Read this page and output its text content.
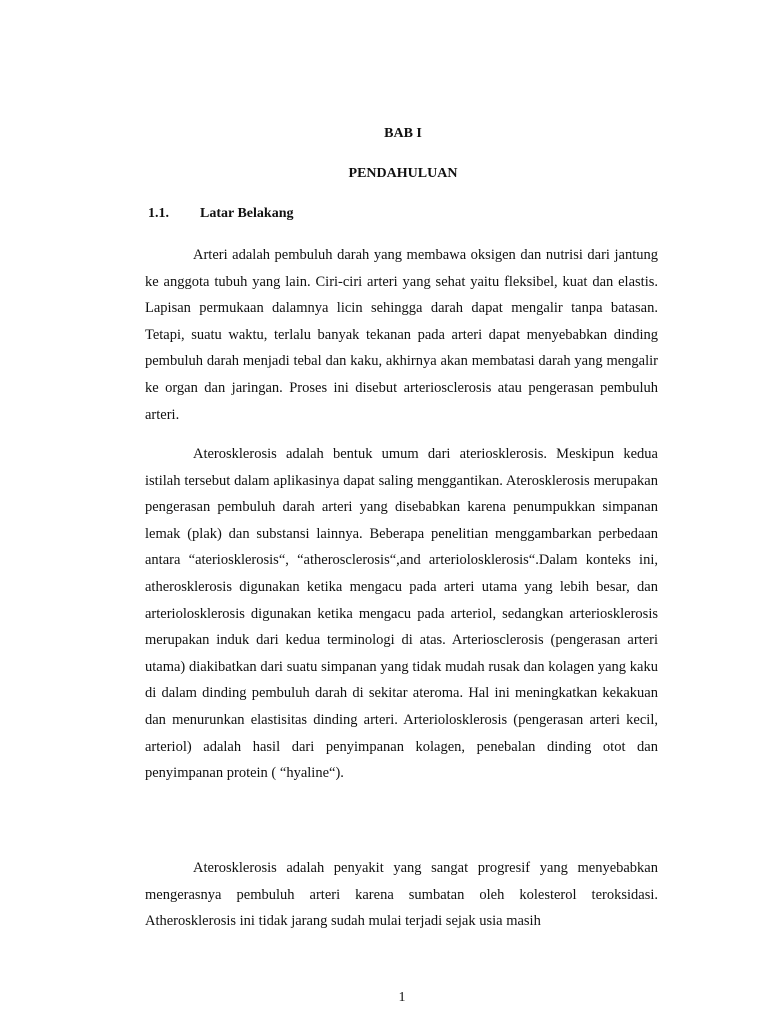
BAB I
PENDAHULUAN
1.1. Latar Belakang

Arteri adalah pembuluh darah yang membawa oksigen dan nutrisi dari jantung ke anggota tubuh yang lain. Ciri-ciri arteri yang sehat yaitu fleksibel, kuat dan elastis. Lapisan permukaan dalamnya licin sehingga darah dapat mengalir tanpa batasan. Tetapi, suatu waktu, terlalu banyak tekanan pada arteri dapat menyebabkan dinding pembuluh darah menjadi tebal dan kaku, akhirnya akan membatasi darah yang mengalir ke organ dan jaringan. Proses ini disebut arteriosclerosis atau pengerasan pembuluh arteri.

Aterosklerosis adalah bentuk umum dari ateriosklerosis. Meskipun kedua istilah tersebut dalam aplikasinya dapat saling menggantikan. Aterosklerosis merupakan pengerasan pembuluh darah arteri yang disebabkan karena penumpukkan simpanan lemak (plak) dan substansi lainnya. Beberapa penelitian menggambarkan perbedaan antara “ateriosklerosis“, “atherosclerosis“,and arteriolosklerosis“.Dalam konteks ini, atherosklerosis digunakan ketika mengacu pada arteri utama yang lebih besar, dan arteriolosklerosis digunakan ketika mengacu pada arteriol, sedangkan arteriosklerosis merupakan induk dari kedua terminologi di atas. Arteriosclerosis (pengerasan arteri utama) diakibatkan dari suatu simpanan yang tidak mudah rusak dan kolagen yang kaku di dalam dinding pembuluh darah di sekitar ateroma. Hal ini meningkatkan kekakuan dan menurunkan elastisitas dinding arteri. Arteriolosklerosis (pengerasan arteri kecil, arteriol) adalah hasil dari penyimpanan kolagen, penebalan dinding otot dan penyimpanan protein ( “hyaline“).

Aterosklerosis adalah penyakit yang sangat progresif yang menyebabkan mengerasnya pembuluh arteri karena sumbatan oleh kolesterol teroksidasi. Atherosklerosis ini tidak jarang sudah mulai terjadi sejak usia masih

1
